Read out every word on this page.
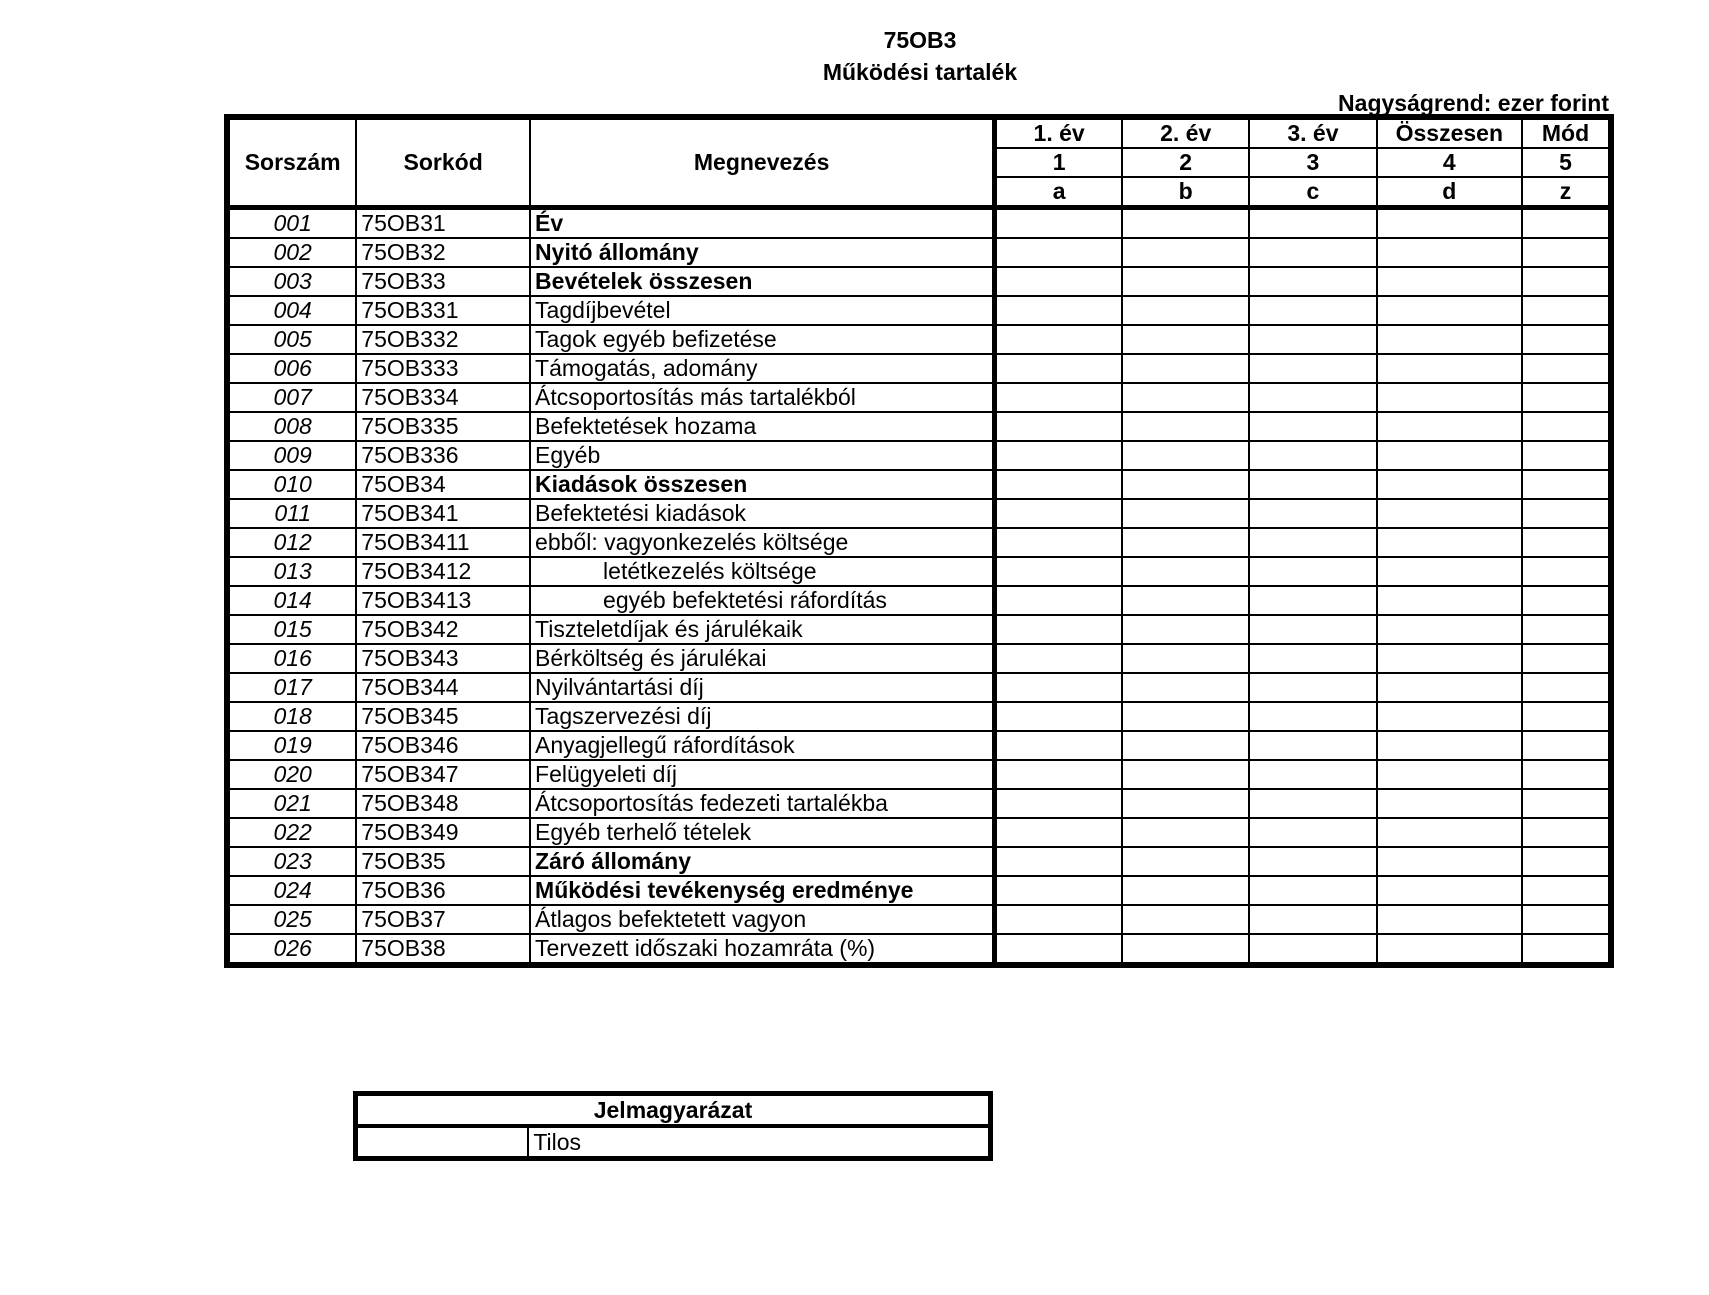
75OB3
Működési tartalék
Nagyságrend: ezer forint
Sorszám	Sorkód	Megnevezés	1. év	2. év	3. év	Összesen	Mód
			1	2	3	4	5
			a	b	c	d	z
001	75OB31	Év					
002	75OB32	Nyitó állomány					
003	75OB33	Bevételek összesen					
004	75OB331	Tagdíjbevétel					
005	75OB332	Tagok egyéb befizetése					
006	75OB333	Támogatás, adomány					
007	75OB334	Átcsoportosítás más tartalékból					
008	75OB335	Befektetések hozama					
009	75OB336	Egyéb					
010	75OB34	Kiadások összesen					
011	75OB341	Befektetési kiadások					
012	75OB3411	ebből: vagyonkezelés költsége					
013	75OB3412	letétkezelés költsége					
014	75OB3413	egyéb befektetési ráfordítás					
015	75OB342	Tiszteletdíjak és járulékaik					
016	75OB343	Bérköltség és járulékai					
017	75OB344	Nyilvántartási díj					
018	75OB345	Tagszervezési díj					
019	75OB346	Anyagjellegű ráfordítások					
020	75OB347	Felügyeleti díj					
021	75OB348	Átcsoportosítás fedezeti tartalékba					
022	75OB349	Egyéb terhelő tételek					
023	75OB35	Záró állomány					
024	75OB36	Működési tevékenység eredménye					
025	75OB37	Átlagos befektetett vagyon					
026	75OB38	Tervezett időszaki hozamráta (%)					
Jelmagyarázat
	Tilos
